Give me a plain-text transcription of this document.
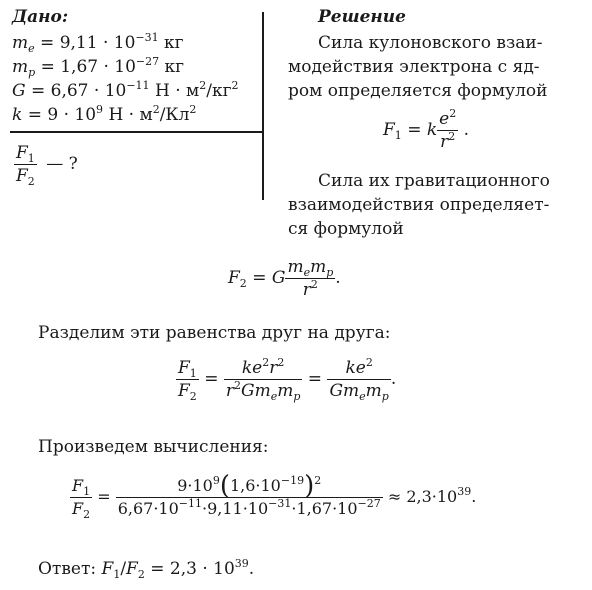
Дано:
$m_e = 9,11 \cdot 10^{-31}$ кг
$m_p = 1,67 \cdot 10^{-27}$ кг
$G = 6,67 \cdot 10^{-11}$ $Н \cdot м^2/кг^2$
$k = 9 \cdot 10^9$ $Н \cdot м^2/Кл^2$
$\frac{F_1}{F_2}$ — ?
Решение
Сила кулоновского взаи-
модействия электрона с яд-
ром определяется формулой
$F_1 = k \frac{e^2}{r^2}$ .
Сила их гравитационного
взаимодействия определяет-
ся формулой
$F_2 = G \frac{m_em_p}{r^2}$ .
Разделим эти равенства друг на друга:
$\frac{F_1}{F_2} = \frac{ke^2r^2}{r^2Gm_em_p} = \frac{ke^2}{Gm_em_p}$ .
Произведем вычисления:
$\frac{F_1}{F_2} = \frac{9\cdot 10^9(1,6\cdot 10^{-19})^2}{6,67\cdot 10^{-11}\cdot 9,11\cdot 10^{-31}\cdot 1,67\cdot 10^{-27}} \approx 2,3\cdot 10^{39}$.
Ответ: $F_1/F_2 = 2,3 \cdot 10^{39}$.
